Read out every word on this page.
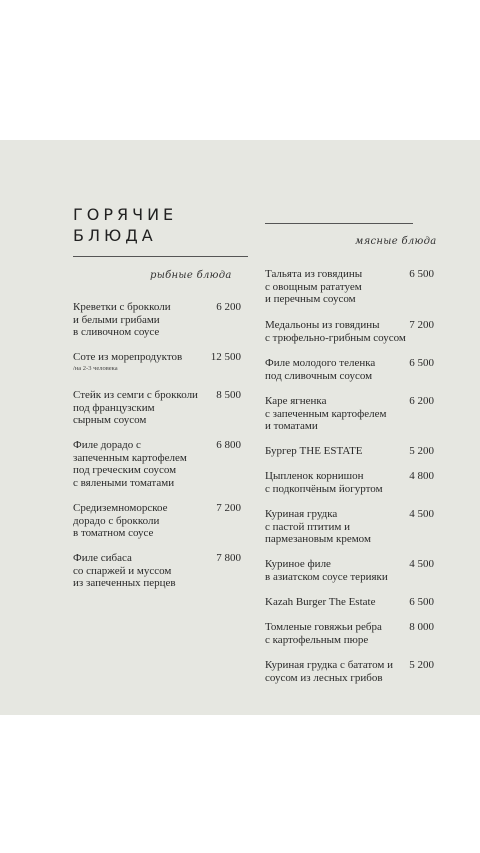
ГОРЯЧИЕ
БЛЮДА
рыбные блюда
мясные блюда
Креветки с брокколи
и белыми грибами
в сливочном соусе
6 200
Соте из морепродуктов
/на 2-3 человека
12 500
Стейк из семги с брокколи
под французским
сырным соусом
8 500
Филе дорадо с
запеченным картофелем
под греческим соусом
с вялеными томатами
6 800
Средиземноморское
дорадо с брокколи
в томатном соусе
7 200
Филе сибаса
со спаржей и муссом
из запеченных перцев
7 800
Тальята из говядины
с овощным рататуем
и перечным соусом
6 500
Медальоны из говядины
с трюфельно-грибным соусом
7 200
Филе молодого теленка
под сливочным соусом
6 500
Каре ягненка
с запеченным картофелем
и томатами
6 200
Бургер THE ESTATE	5 200
Цыпленок корнишон
с подкопчёным йогуртом
4 800
Куриная грудка
с пастой птитим и
пармезановым кремом
4 500
Куриное филе
в азиатском соусе терияки
4 500
Kazah Burger The Estate	6 500
Томленые говяжьи ребра
с картофельным пюре
8 000
Куриная грудка с бататом и
соусом из лесных грибов
5 200
